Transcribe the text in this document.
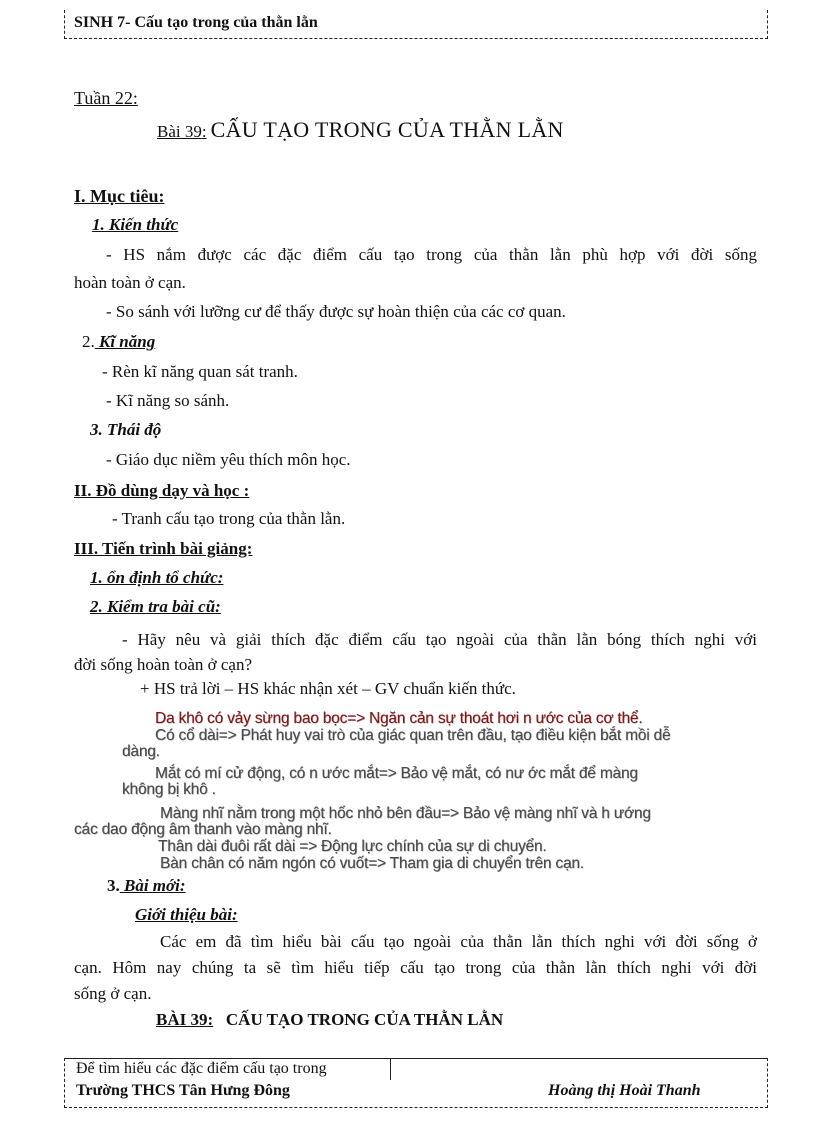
SINH 7- Cấu tạo trong của thằn lằn
Tuần 22:
Bài 39: CẤU TẠO TRONG CỦA THẰN LẰN
I. Mục tiêu:
1. Kiến thức
- HS nắm được các đặc điểm cấu tạo trong của thằn lằn phù hợp với đời sống
hoàn toàn ở cạn.
- So sánh với lưỡng cư để thấy được sự hoàn thiện của các cơ quan.
2. Kĩ năng
- Rèn kĩ năng quan sát tranh.
- Kĩ năng so sánh.
3. Thái độ
- Giáo dục niềm yêu thích môn học.
II. Đồ dùng dạy và học :
- Tranh cấu tạo trong của thằn lằn.
III. Tiến trình bài giảng:
1. ổn định tổ chức:
2. Kiểm tra bài cũ:
- Hãy nêu và giải thích đặc điểm cấu tạo ngoài của thằn lằn bóng thích nghi với
đời sống hoàn toàn ở cạn?
+ HS trả lời – HS khác nhận xét – GV chuẩn kiến thức.
Da khô có vảy sừng bao bọc=> Ngăn cản sự thoát hơi n ước của cơ thể.
Có cổ dài=> Phát huy vai trò của giác quan trên đầu, tạo điều kiện bắt mồi dễ
dàng.
Mắt có mí cử động, có n ước mắt=> Bảo vệ mắt, có nư ớc mắt để màng
không bị khô .
Màng nhĩ nằm trong một hốc nhỏ bên đầu=> Bảo vệ màng nhĩ và h ướng
các dao động âm thanh vào màng nhĩ.
Thân dài đuôi rất dài => Động lực chính của sự di chuyển.
Bàn chân có năm ngón có vuốt=> Tham gia di chuyển trên cạn.
3. Bài mới:
Giới thiệu bài:
Các em đã tìm hiểu bài cấu tạo ngoài của thằn lằn thích nghi với đời sống ở
cạn. Hôm nay chúng ta sẽ tìm hiểu tiếp cấu tạo trong của thằn lằn thích nghi với đời
sống ở cạn.
BÀI 39: CẤU TẠO TRONG CỦA THẰN LẰN
Để tìm hiểu các đặc điểm cấu tạo trong
Trường THCS Tân Hưng Đông	Hoàng thị Hoài Thanh
